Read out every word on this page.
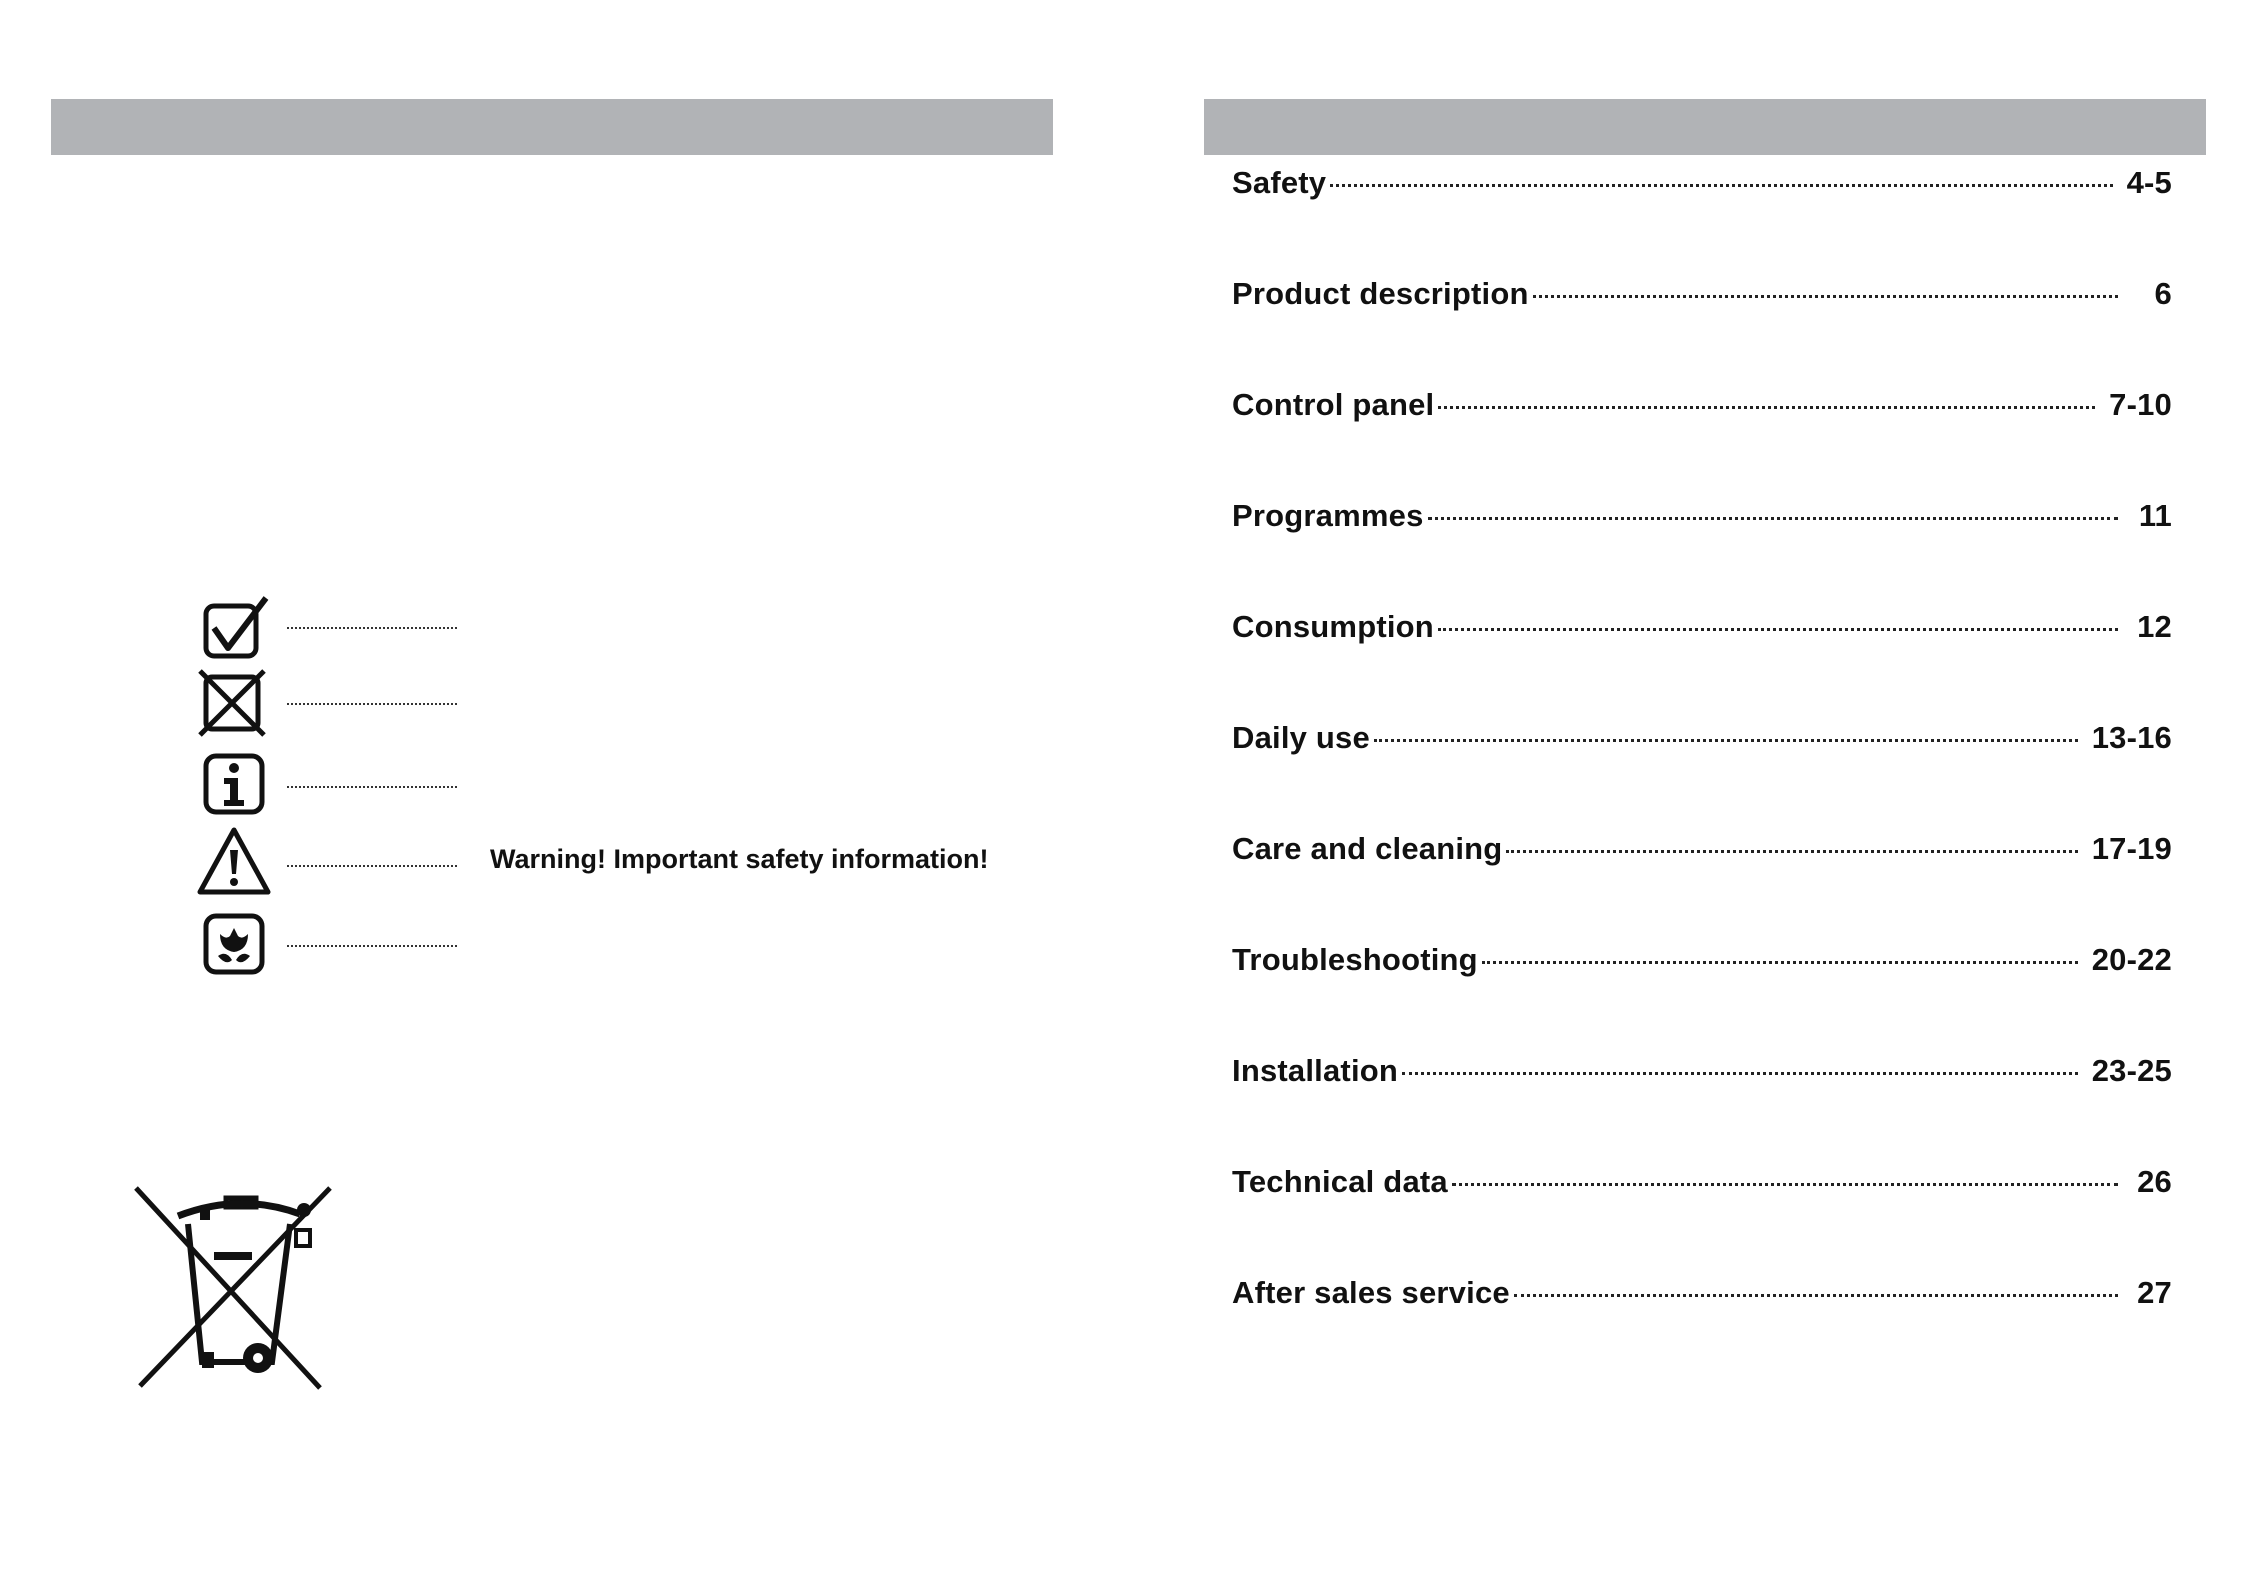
Warning! Important safety information!
Safety	4-5
Product description	6
Control panel	7-10
Programmes	11
Consumption	12
Daily use	13-16
Care and cleaning	17-19
Troubleshooting	20-22
Installation	23-25
Technical data	26
After sales service	27
